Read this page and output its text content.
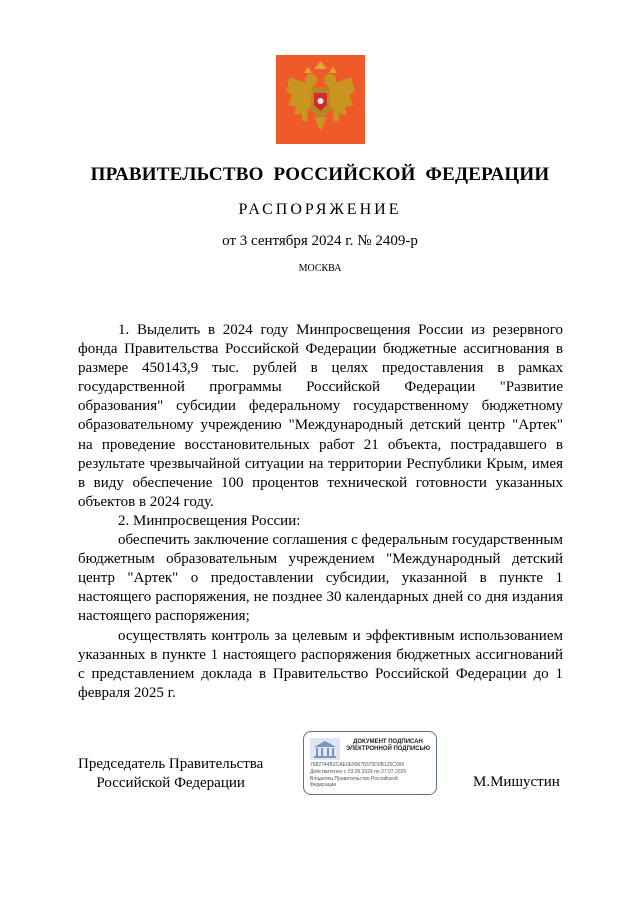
ПРАВИТЕЛЬСТВО РОССИЙСКОЙ ФЕДЕРАЦИИ
РАСПОРЯЖЕНИЕ
от 3 сентября 2024 г. № 2409-р
МОСКВА

1. Выделить в 2024 году Минпросвещения России из резервного фонда Правительства Российской Федерации бюджетные ассигнования в размере 450143,9 тыс. рублей в целях предоставления в рамках государственной программы Российской Федерации "Развитие образования" субсидии федеральному государственному бюджетному образовательному учреждению "Международный детский центр "Артек" на проведение восстановительных работ 21 объекта, пострадавшего в результате чрезвычайной ситуации на территории Республики Крым, имея в виду обеспечение 100 процентов технической готовности указанных объектов в 2024 году.

2. Минпросвещения России:

обеспечить заключение соглашения с федеральным государственным бюджетным образовательным учреждением "Международный детский центр "Артек" о предоставлении субсидии, указанной в пункте 1 настоящего распоряжения, не позднее 30 календарных дней со дня издания настоящего распоряжения;

осуществлять контроль за целевым и эффективным использованием указанных в пункте 1 настоящего распоряжения бюджетных ассигнований с представлением доклада в Правительство Российской Федерации до 1 февраля 2025 г.

Председатель Правительства
Российской Федерации
ДОКУМЕНТ ПОДПИСАН ЭЛЕКТРОННОЙ ПОДПИСЬЮ
7682744B3CAE0E99678370D0B125C096
Действителен с 03.05.2024 по 27.07.2025
Владелец Правительство Российской
Федерации	М.Мишустин
